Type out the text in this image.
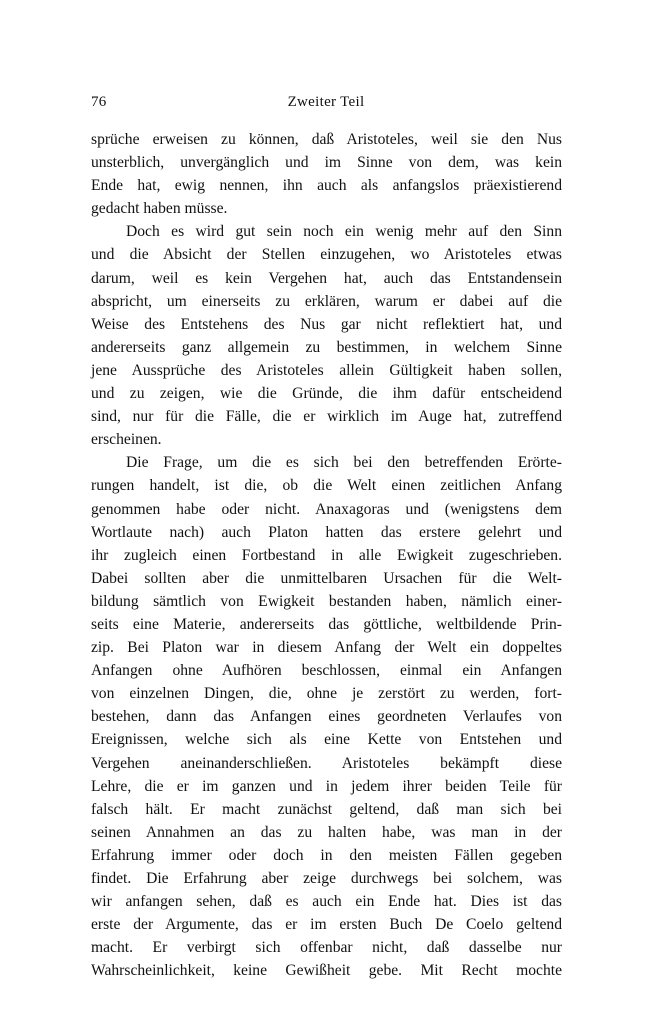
76	Zweiter Teil
sprüche erweisen zu können, daß Aristoteles, weil sie den Nus
unsterblich, unvergänglich und im Sinne von dem, was kein
Ende hat, ewig nennen, ihn auch als anfangslos präexistierend
gedacht haben müsse.
Doch es wird gut sein noch ein wenig mehr auf den Sinn
und die Absicht der Stellen einzugehen, wo Aristoteles etwas
darum, weil es kein Vergehen hat, auch das Entstandensein
abspricht, um einerseits zu erklären, warum er dabei auf die
Weise des Entstehens des Nus gar nicht reflektiert hat, und
andererseits ganz allgemein zu bestimmen, in welchem Sinne
jene Aussprüche des Aristoteles allein Gültigkeit haben sollen,
und zu zeigen, wie die Gründe, die ihm dafür entscheidend
sind, nur für die Fälle, die er wirklich im Auge hat, zutreffend
erscheinen.
Die Frage, um die es sich bei den betreffenden Erörte-
rungen handelt, ist die, ob die Welt einen zeitlichen Anfang
genommen habe oder nicht. Anaxagoras und (wenigstens dem
Wortlaute nach) auch Platon hatten das erstere gelehrt und
ihr zugleich einen Fortbestand in alle Ewigkeit zugeschrieben.
Dabei sollten aber die unmittelbaren Ursachen für die Welt-
bildung sämtlich von Ewigkeit bestanden haben, nämlich einer-
seits eine Materie, andererseits das göttliche, weltbildende Prin-
zip. Bei Platon war in diesem Anfang der Welt ein doppeltes
Anfangen ohne Aufhören beschlossen, einmal ein Anfangen
von einzelnen Dingen, die, ohne je zerstört zu werden, fort-
bestehen, dann das Anfangen eines geordneten Verlaufes von
Ereignissen, welche sich als eine Kette von Entstehen und
Vergehen aneinanderschließen. Aristoteles bekämpft diese
Lehre, die er im ganzen und in jedem ihrer beiden Teile für
falsch hält. Er macht zunächst geltend, daß man sich bei
seinen Annahmen an das zu halten habe, was man in der
Erfahrung immer oder doch in den meisten Fällen gegeben
findet. Die Erfahrung aber zeige durchwegs bei solchem, was
wir anfangen sehen, daß es auch ein Ende hat. Dies ist das
erste der Argumente, das er im ersten Buch De Coelo geltend
macht. Er verbirgt sich offenbar nicht, daß dasselbe nur
Wahrscheinlichkeit, keine Gewißheit gebe. Mit Recht mochte
